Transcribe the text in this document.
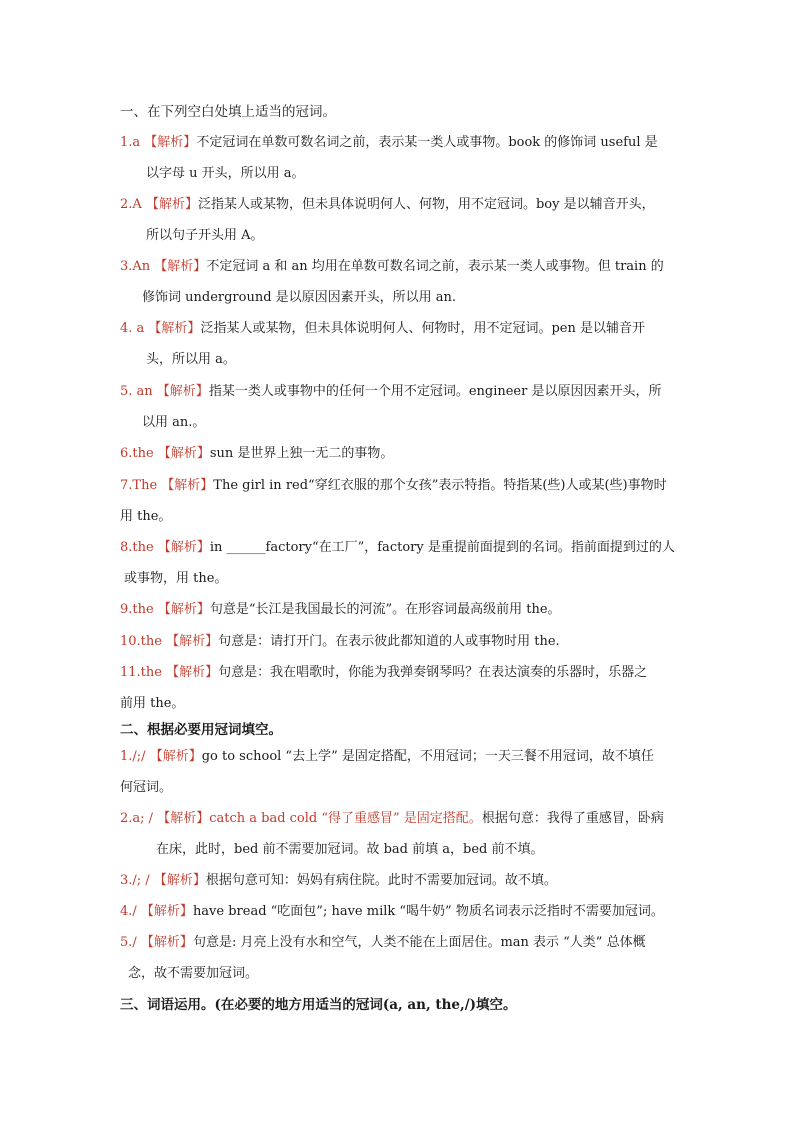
一、在下列空白处填上适当的冠词。
1.a 【解析】不定冠词在单数可数名词之前，表示某一类人或事物。book 的修饰词 useful 是
以字母 u 开头，所以用 a。
2.A 【解析】泛指某人或某物，但未具体说明何人、何物，用不定冠词。boy 是以辅音开头，
所以句子开头用 A。
3.An 【解析】不定冠词 a 和 an 均用在单数可数名词之前，表示某一类人或事物。但 train 的
修饰词 underground 是以原因因素开头，所以用 an.
4. a 【解析】泛指某人或某物，但未具体说明何人、何物时，用不定冠词。pen 是以辅音开
头，所以用 a。
5. an 【解析】指某一类人或事物中的任何一个用不定冠词。engineer 是以原因因素开头，所
以用 an.。
6.the 【解析】sun 是世界上独一无二的事物。
7.The 【解析】The girl in red“穿红衣服的那个女孩”表示特指。特指某(些)人或某(些)事物时
用 the。
8.the 【解析】in ______factory“在工厂”，factory 是重提前面提到的名词。指前面提到过的人
或事物，用 the。
9.the 【解析】句意是“长江是我国最长的河流”。在形容词最高级前用 the。
10.the 【解析】句意是：请打开门。在表示彼此都知道的人或事物时用 the.
11.the 【解析】句意是：我在唱歌时，你能为我弹奏钢琴吗？在表达演奏的乐器时，乐器之
前用 the。
二、根据必要用冠词填空。
1./;/ 【解析】go to school “去上学” 是固定搭配，不用冠词；一天三餐不用冠词，故不填任
何冠词。
2.a; / 【解析】catch a bad cold “得了重感冒” 是固定搭配。根据句意：我得了重感冒，卧病
在床，此时，bed 前不需要加冠词。故 bad 前填 a，bed 前不填。
3./; / 【解析】根据句意可知：妈妈有病住院。此时不需要加冠词。故不填。
4./ 【解析】have bread “吃面包”; have milk “喝牛奶” 物质名词表示泛指时不需要加冠词。
5./ 【解析】句意是: 月亮上没有水和空气，人类不能在上面居住。man 表示 “人类” 总体概
念，故不需要加冠词。
三、词语运用。(在必要的地方用适当的冠词(a, an, the,/)填空。
